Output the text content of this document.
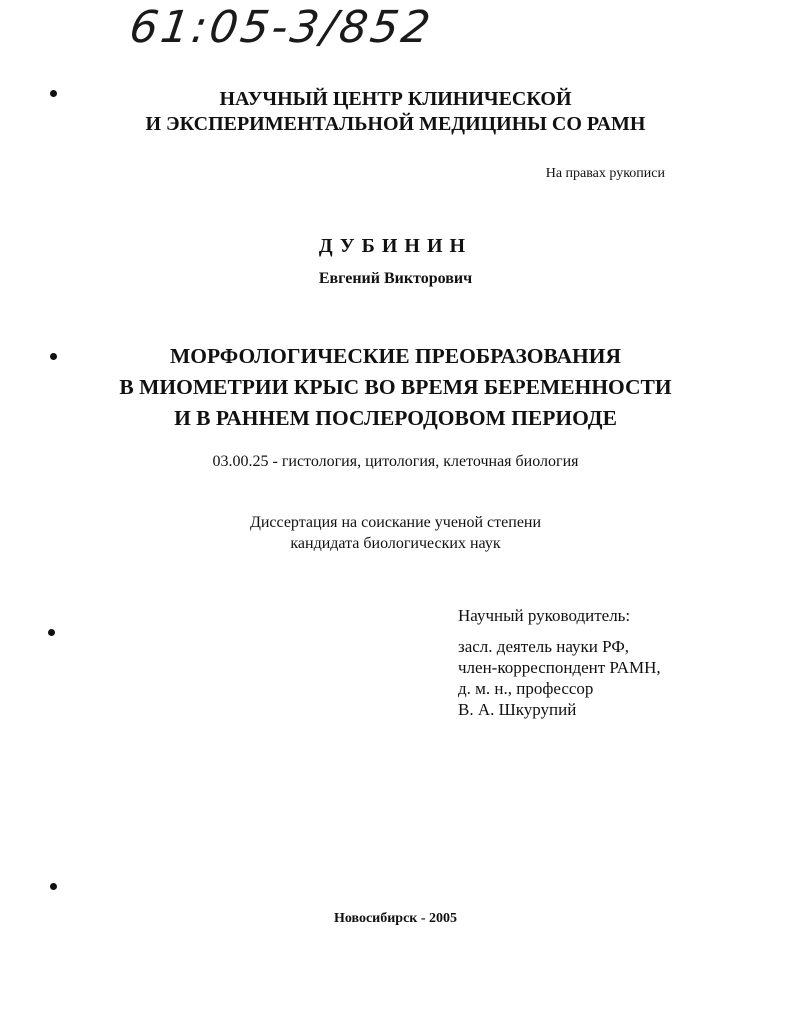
61:05-3/852
НАУЧНЫЙ ЦЕНТР КЛИНИЧЕСКОЙ
И ЭКСПЕРИМЕНТАЛЬНОЙ МЕДИЦИНЫ СО РАМН
На правах рукописи
ДУБИНИН
Евгений Викторович
МОРФОЛОГИЧЕСКИЕ ПРЕОБРАЗОВАНИЯ
В МИОМЕТРИИ КРЫС ВО ВРЕМЯ БЕРЕМЕННОСТИ
И В РАННЕМ ПОСЛЕРОДОВОМ ПЕРИОДЕ
03.00.25 - гистология, цитология, клеточная биология
Диссертация на соискание ученой степени
кандидата биологических наук
Научный руководитель:
засл. деятель науки РФ,
член-корреспондент РАМН,
д. м. н., профессор
В. А. Шкурупий
Новосибирск - 2005
